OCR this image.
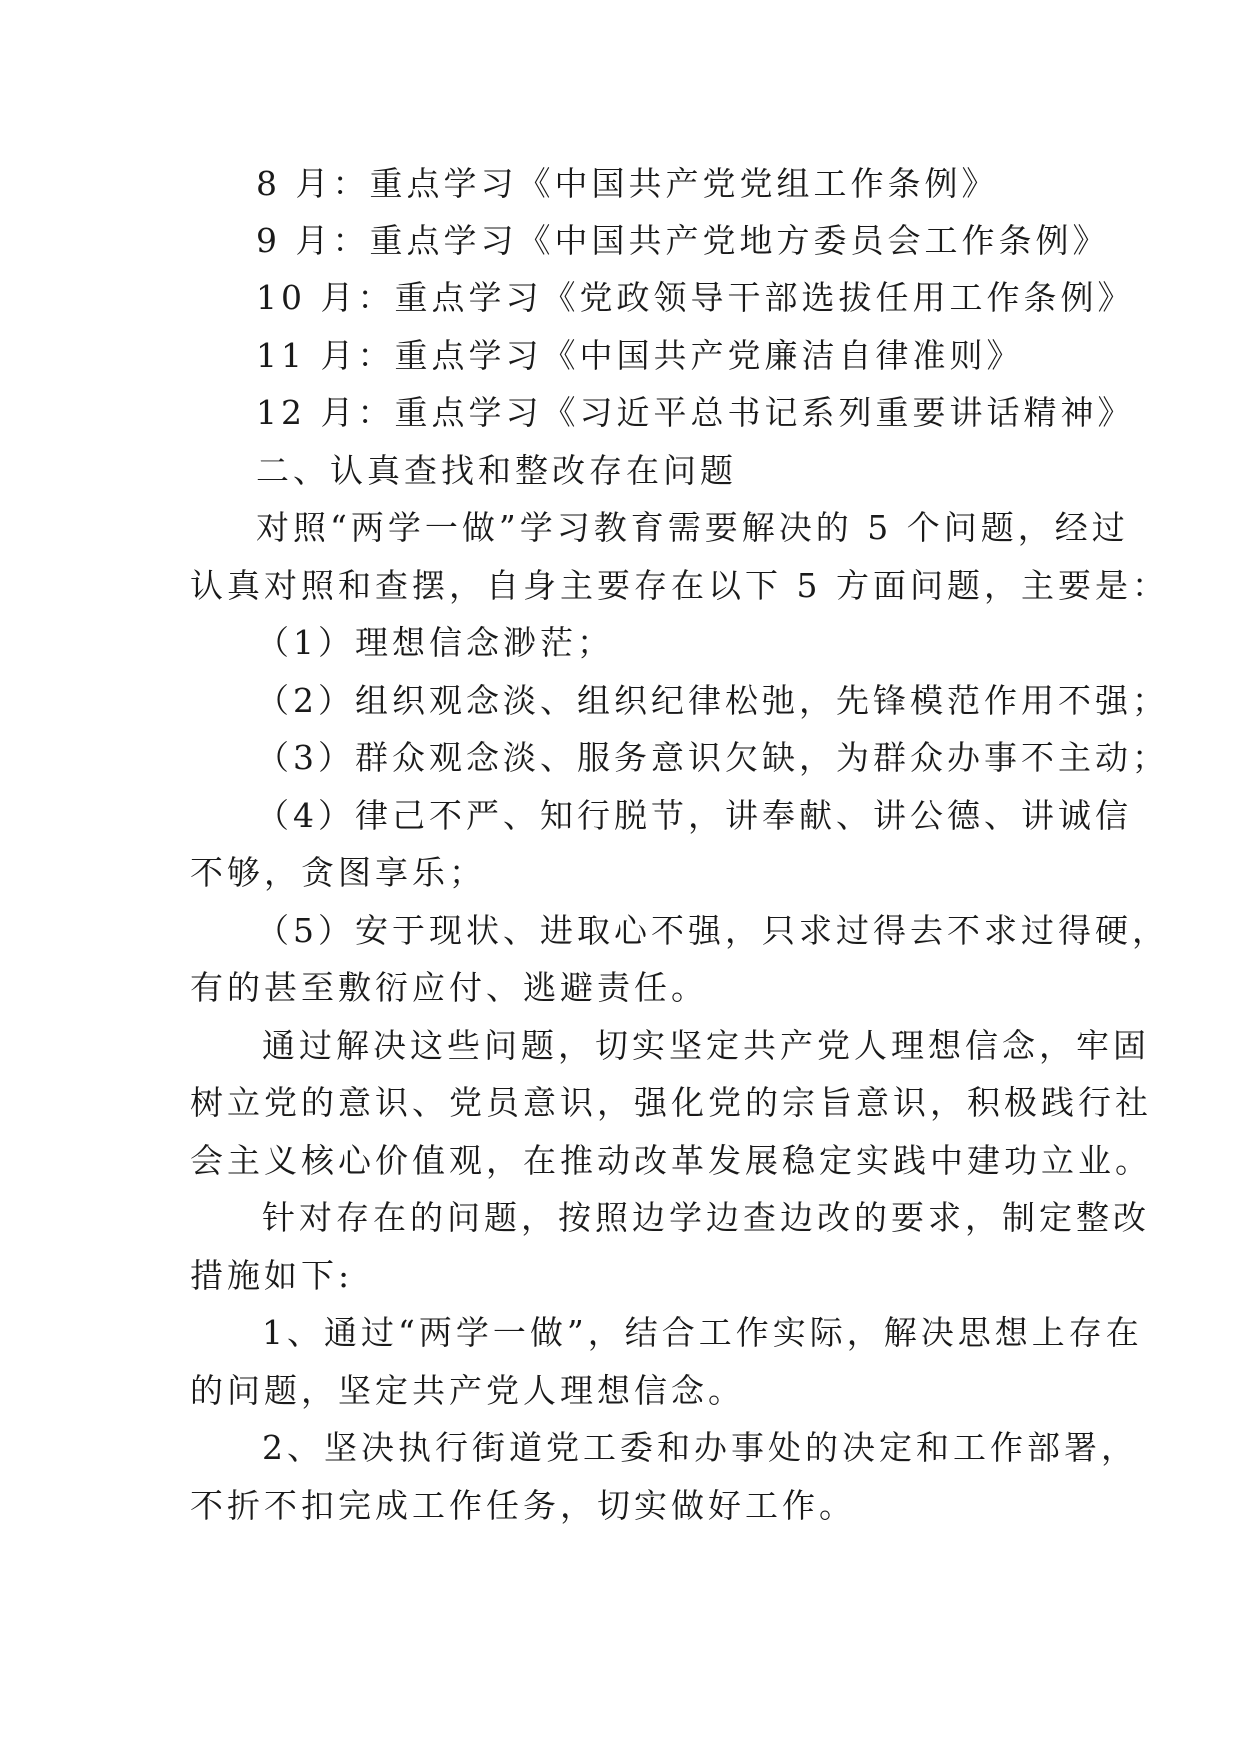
8 月：重点学习《中国共产党党组工作条例》
9 月：重点学习《中国共产党地方委员会工作条例》
10 月：重点学习《党政领导干部选拔任用工作条例》
11 月：重点学习《中国共产党廉洁自律准则》
12 月：重点学习《习近平总书记系列重要讲话精神》
二、认真查找和整改存在问题
对照“两学一做”学习教育需要解决的 5 个问题，经过
认真对照和查摆，自身主要存在以下 5 方面问题，主要是：
（1）理想信念渺茫；
（2）组织观念淡、组织纪律松弛，先锋模范作用不强；
（3）群众观念淡、服务意识欠缺，为群众办事不主动；
（4）律己不严、知行脱节，讲奉献、讲公德、讲诚信
不够，贪图享乐；
（5）安于现状、进取心不强，只求过得去不求过得硬，
有的甚至敷衍应付、逃避责任。
通过解决这些问题，切实坚定共产党人理想信念，牢固
树立党的意识、党员意识，强化党的宗旨意识，积极践行社
会主义核心价值观，在推动改革发展稳定实践中建功立业。
针对存在的问题，按照边学边查边改的要求，制定整改
措施如下:
1、通过“两学一做”，结合工作实际，解决思想上存在
的问题，坚定共产党人理想信念。
2、坚决执行街道党工委和办事处的决定和工作部署，
不折不扣完成工作任务，切实做好工作。
